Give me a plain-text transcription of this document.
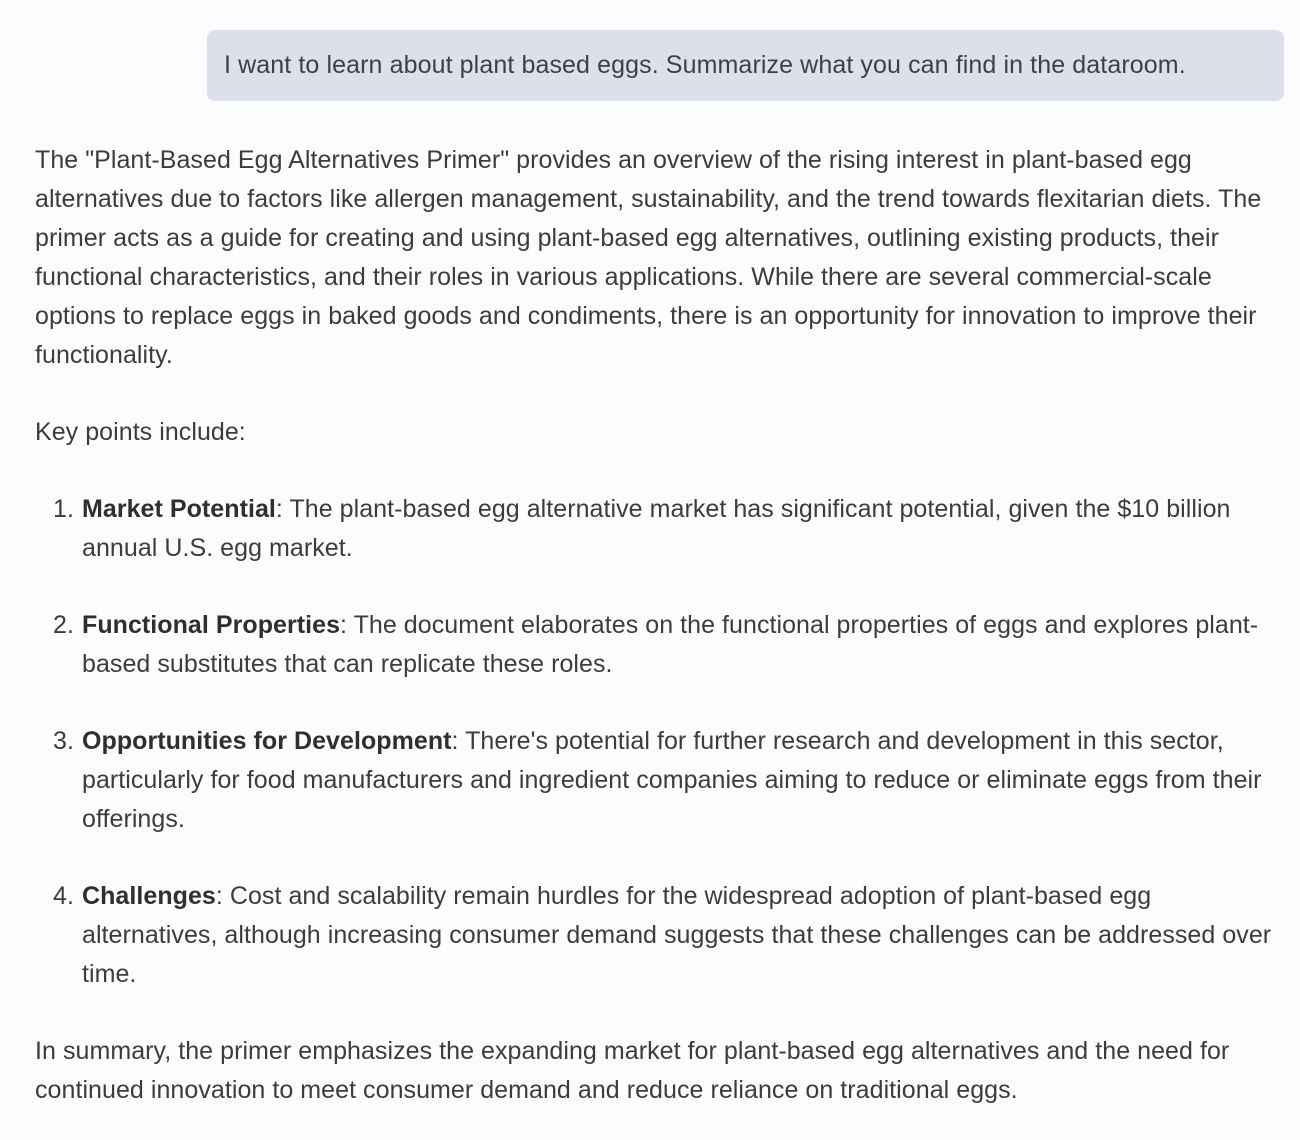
I want to learn about plant based eggs. Summarize what you can find in the dataroom.

The "Plant-Based Egg Alternatives Primer" provides an overview of the rising interest in plant-based egg alternatives due to factors like allergen management, sustainability, and the trend towards flexitarian diets. The primer acts as a guide for creating and using plant-based egg alternatives, outlining existing products, their functional characteristics, and their roles in various applications. While there are several commercial-scale options to replace eggs in baked goods and condiments, there is an opportunity for innovation to improve their functionality.

Key points include:

1. Market Potential: The plant-based egg alternative market has significant potential, given the $10 billion annual U.S. egg market.
2. Functional Properties: The document elaborates on the functional properties of eggs and explores plant-based substitutes that can replicate these roles.
3. Opportunities for Development: There's potential for further research and development in this sector, particularly for food manufacturers and ingredient companies aiming to reduce or eliminate eggs from their offerings.
4. Challenges: Cost and scalability remain hurdles for the widespread adoption of plant-based egg alternatives, although increasing consumer demand suggests that these challenges can be addressed over time.

In summary, the primer emphasizes the expanding market for plant-based egg alternatives and the need for continued innovation to meet consumer demand and reduce reliance on traditional eggs.
